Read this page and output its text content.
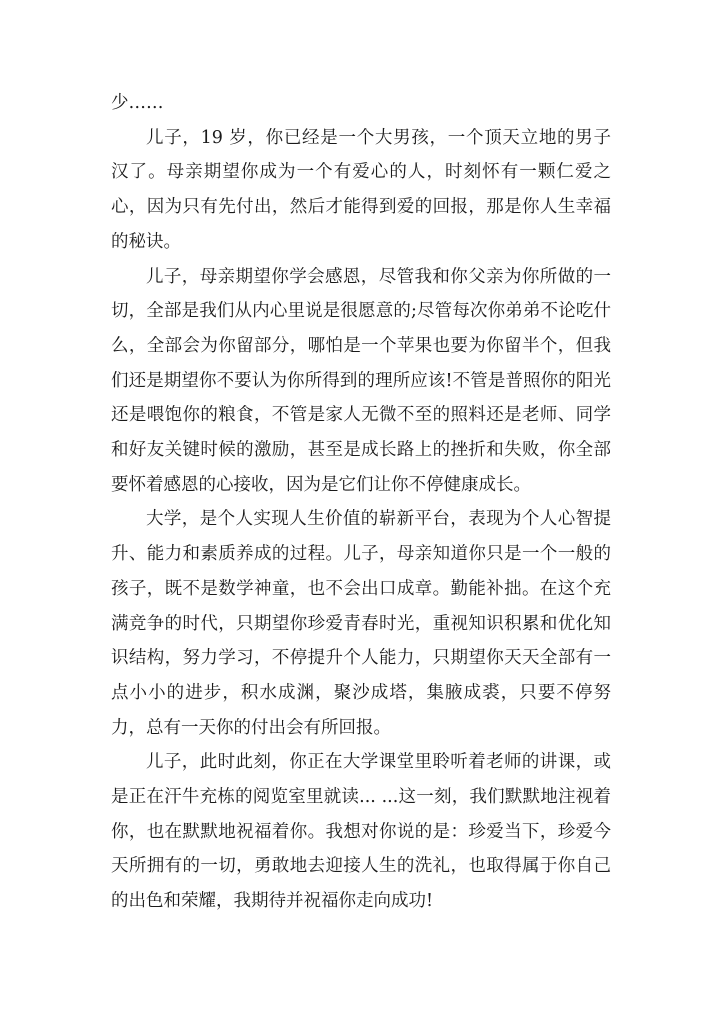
少……

儿子，19 岁，你已经是一个大男孩，一个顶天立地的男子汉了。母亲期望你成为一个有爱心的人，时刻怀有一颗仁爱之心，因为只有先付出，然后才能得到爱的回报，那是你人生幸福的秘诀。

儿子，母亲期望你学会感恩，尽管我和你父亲为你所做的一切，全部是我们从内心里说是很愿意的;尽管每次你弟弟不论吃什么，全部会为你留部分，哪怕是一个苹果也要为你留半个，但我们还是期望你不要认为你所得到的理所应该!不管是普照你的阳光还是喂饱你的粮食，不管是家人无微不至的照料还是老师、同学和好友关键时候的激励，甚至是成长路上的挫折和失败，你全部要怀着感恩的心接收，因为是它们让你不停健康成长。

大学，是个人实现人生价值的崭新平台，表现为个人心智提升、能力和素质养成的过程。儿子，母亲知道你只是一个一般的孩子，既不是数学神童，也不会出口成章。勤能补拙。在这个充满竞争的时代，只期望你珍爱青春时光，重视知识积累和优化知识结构，努力学习，不停提升个人能力，只期望你天天全部有一点小小的进步，积水成渊，聚沙成塔，集腋成裘，只要不停努力，总有一天你的付出会有所回报。

儿子，此时此刻，你正在大学课堂里聆听着老师的讲课，或是正在汗牛充栋的阅览室里就读... ...这一刻，我们默默地注视着你，也在默默地祝福着你。我想对你说的是：珍爱当下，珍爱今天所拥有的一切，勇敢地去迎接人生的洗礼，也取得属于你自己的出色和荣耀，我期待并祝福你走向成功!
